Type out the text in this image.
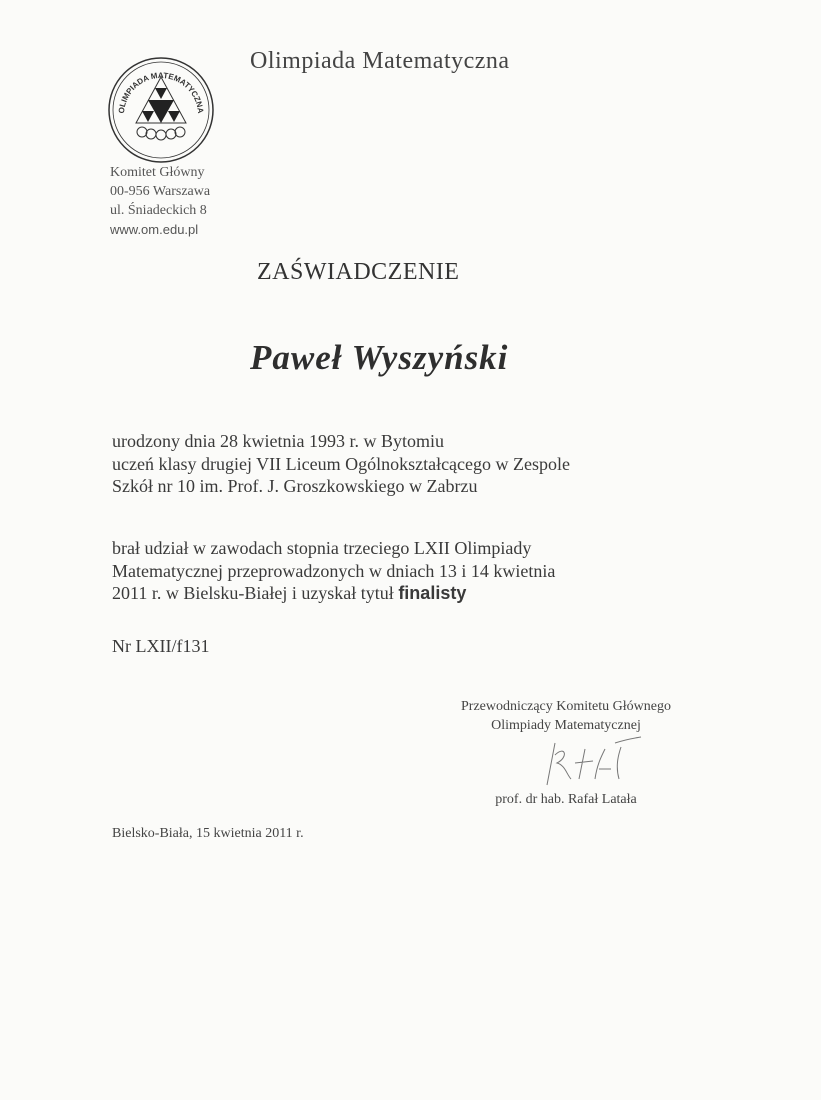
Olimpiada Matematyczna
OLIMPIADA MATEMATYCZNA
Komitet Główny
00-956 Warszawa
ul. Śniadeckich 8
www.om.edu.pl
ZAŚWIADCZENIE
Paweł Wyszyński
urodzony dnia 28 kwietnia 1993 r. w Bytomiu
uczeń klasy drugiej VII Liceum Ogólnokształcącego w Zespole
Szkół nr 10 im. Prof. J. Groszkowskiego w Zabrzu
brał udział w zawodach stopnia trzeciego LXII Olimpiady
Matematycznej przeprowadzonych w dniach 13 i 14 kwietnia
2011 r. w Bielsku-Białej i uzyskał tytuł finalisty
Nr LXII/f131
Przewodniczący Komitetu Głównego
Olimpiady Matematycznej
prof. dr hab. Rafał Latała
Bielsko-Biała, 15 kwietnia 2011 r.
